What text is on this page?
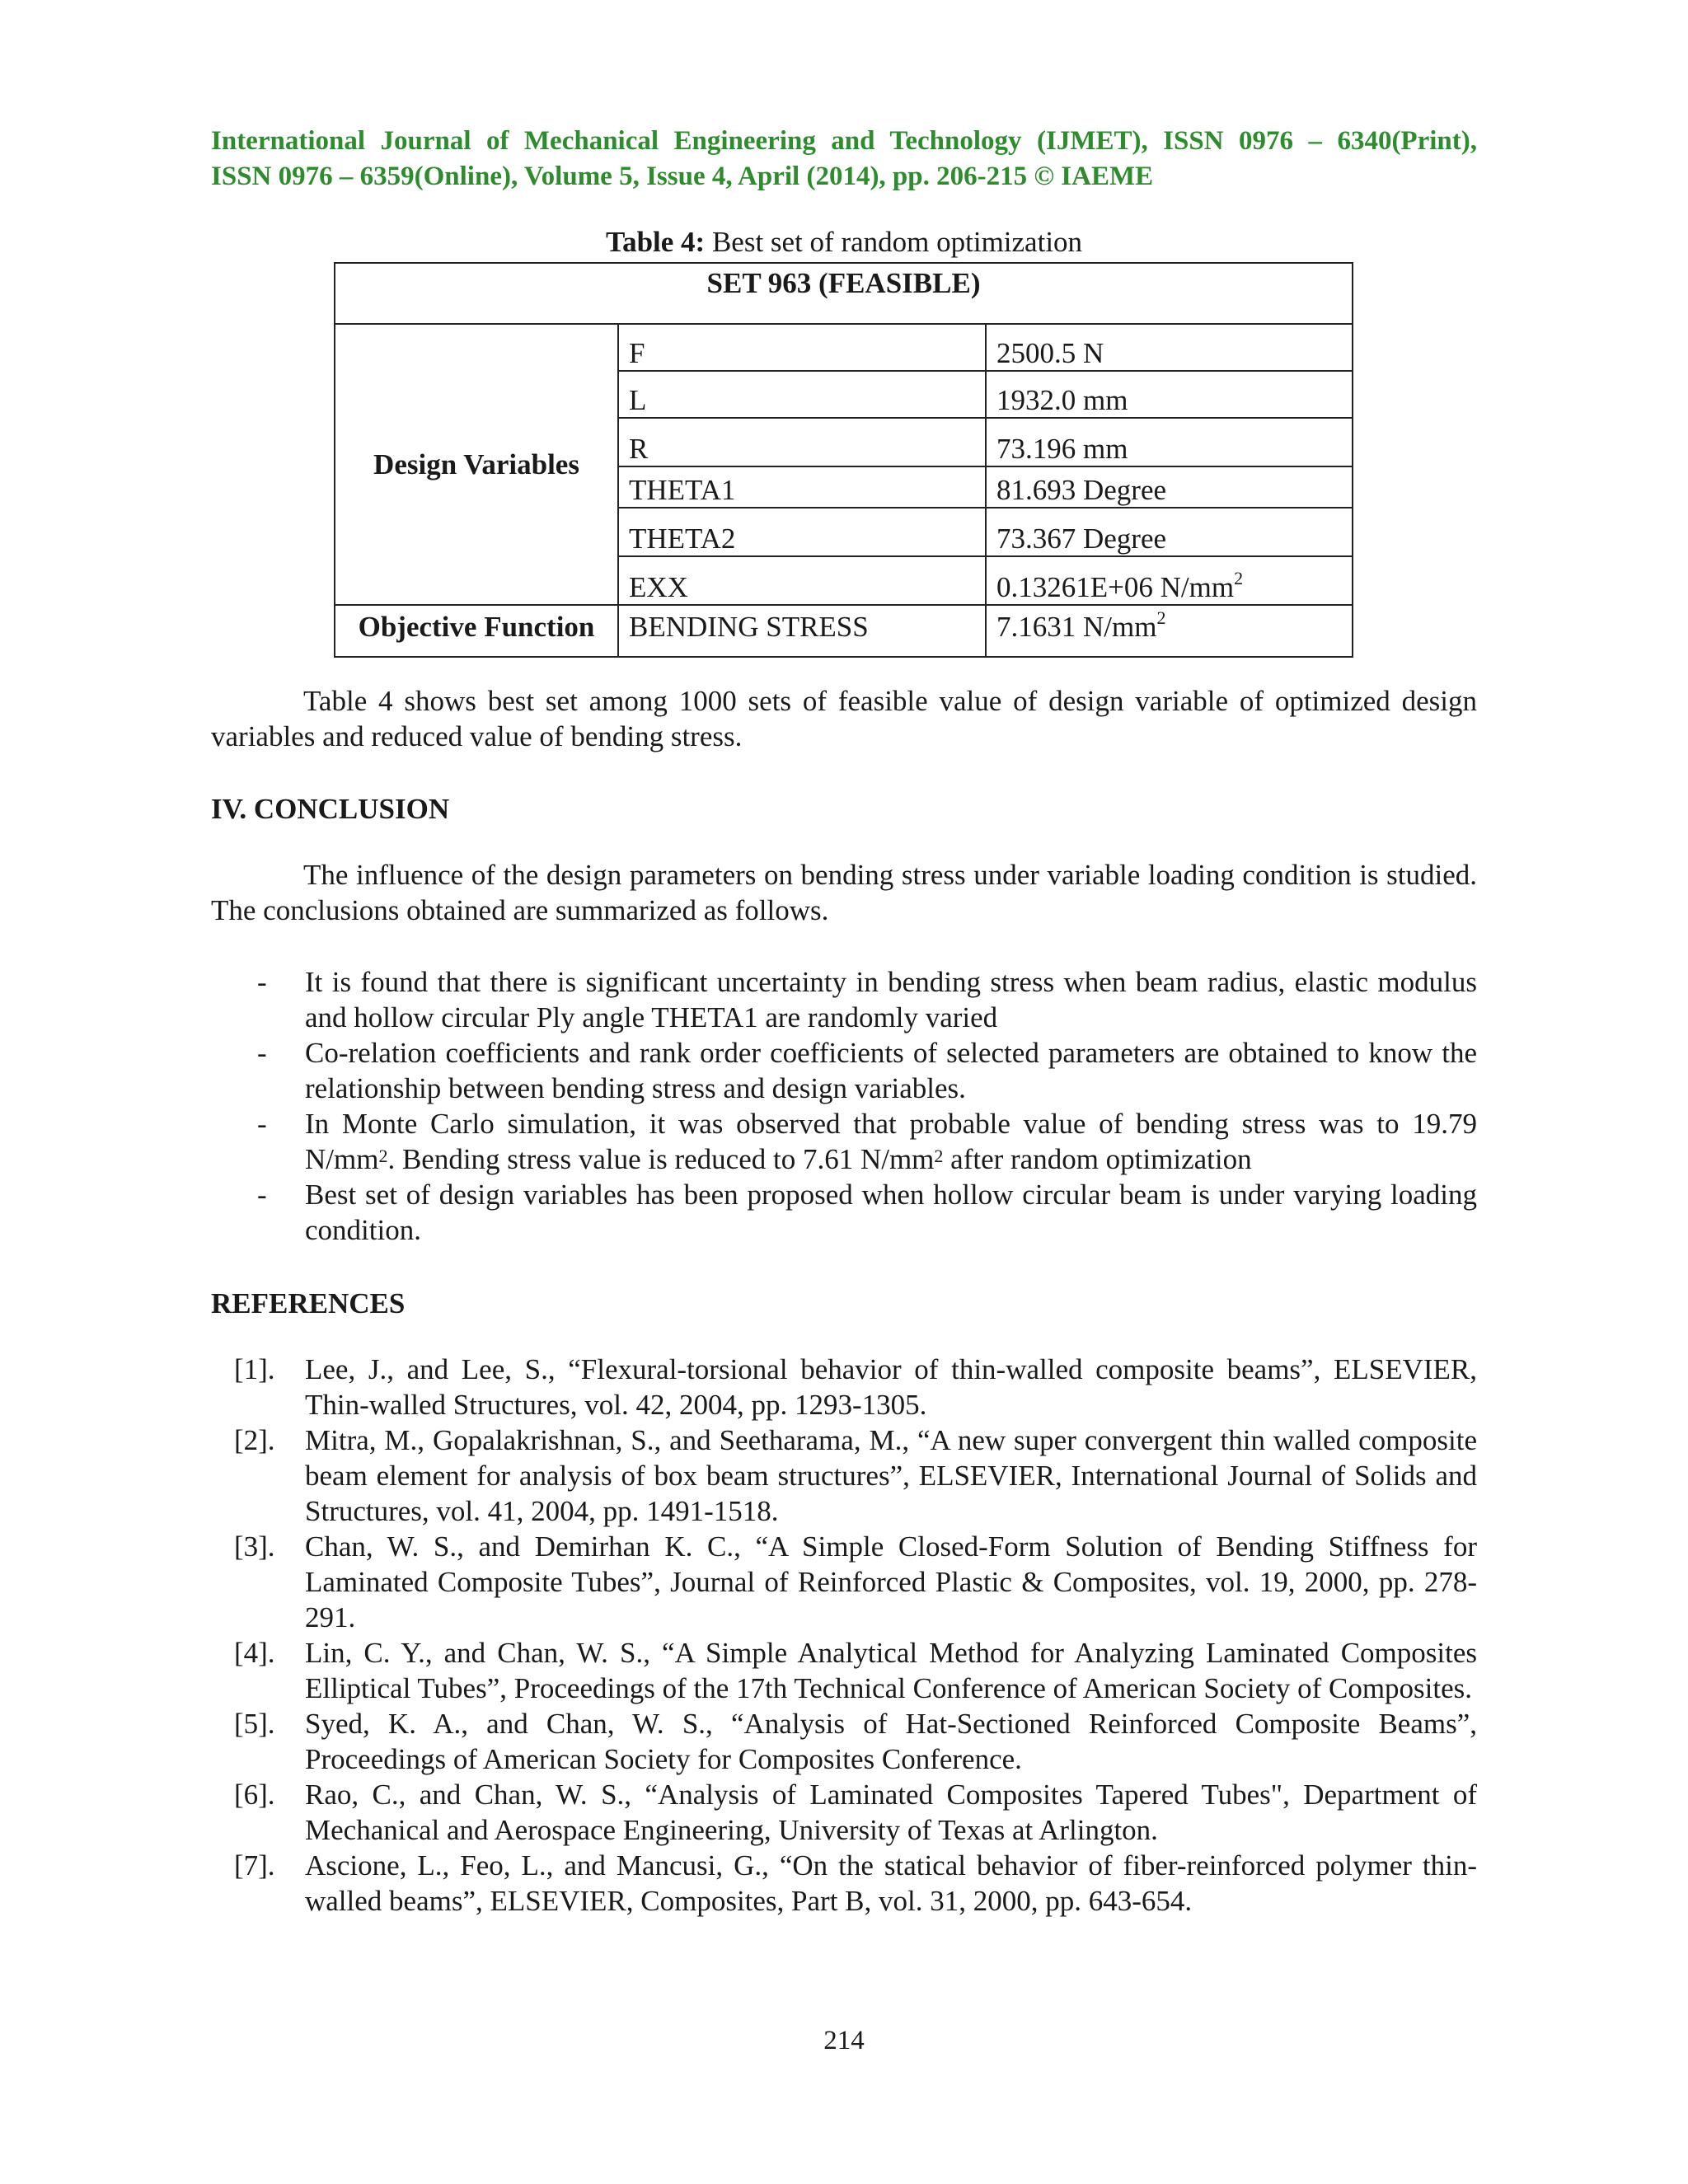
International Journal of Mechanical Engineering and Technology (IJMET), ISSN 0976 – 6340(Print),
ISSN 0976 – 6359(Online), Volume 5, Issue 4, April (2014), pp. 206-215 © IAEME
Table 4: Best set of random optimization
SET 963 (FEASIBLE)		
Design Variables	F	2500.5 N
	L	1932.0 mm
	R	73.196 mm
	THETA1	81.693 Degree
	THETA2	73.367 Degree
	EXX	0.13261E+06 $N/mm^2$
Objective Function	BENDING STRESS	7.1631 $N/mm^2$
Table 4 shows best set among 1000 sets of feasible value of design variable of optimized design variables and reduced value of bending stress.
IV. CONCLUSION
The influence of the design parameters on bending stress under variable loading condition is studied. The conclusions obtained are summarized as follows.
- It is found that there is significant uncertainty in bending stress when beam radius, elastic modulus and hollow circular Ply angle THETA1 are randomly varied
- Co-relation coefficients and rank order coefficients of selected parameters are obtained to know the relationship between bending stress and design variables.
- In Monte Carlo simulation, it was observed that probable value of bending stress was to 19.79 $N/mm^2$. Bending stress value is reduced to 7.61 $N/mm^2$ after random optimization
- Best set of design variables has been proposed when hollow circular beam is under varying loading condition.
REFERENCES
[1]. Lee, J., and Lee, S., “Flexural-torsional behavior of thin-walled composite beams”, ELSEVIER, Thin-walled Structures, vol. 42, 2004, pp. 1293-1305.
[2]. Mitra, M., Gopalakrishnan, S., and Seetharama, M., “A new super convergent thin walled composite beam element for analysis of box beam structures”, ELSEVIER, International Journal of Solids and Structures, vol. 41, 2004, pp. 1491-1518.
[3]. Chan, W. S., and Demirhan K. C., “A Simple Closed-Form Solution of Bending Stiffness for Laminated Composite Tubes”, Journal of Reinforced Plastic & Composites, vol. 19, 2000, pp. 278-291.
[4]. Lin, C. Y., and Chan, W. S., “A Simple Analytical Method for Analyzing Laminated Composites Elliptical Tubes”, Proceedings of the 17th Technical Conference of American Society of Composites.
[5]. Syed, K. A., and Chan, W. S., “Analysis of Hat-Sectioned Reinforced Composite Beams”, Proceedings of American Society for Composites Conference.
[6]. Rao, C., and Chan, W. S., “Analysis of Laminated Composites Tapered Tubes", Department of Mechanical and Aerospace Engineering, University of Texas at Arlington.
[7]. Ascione, L., Feo, L., and Mancusi, G., “On the statical behavior of fiber-reinforced polymer thin-walled beams”, ELSEVIER, Composites, Part B, vol. 31, 2000, pp. 643-654.
214
